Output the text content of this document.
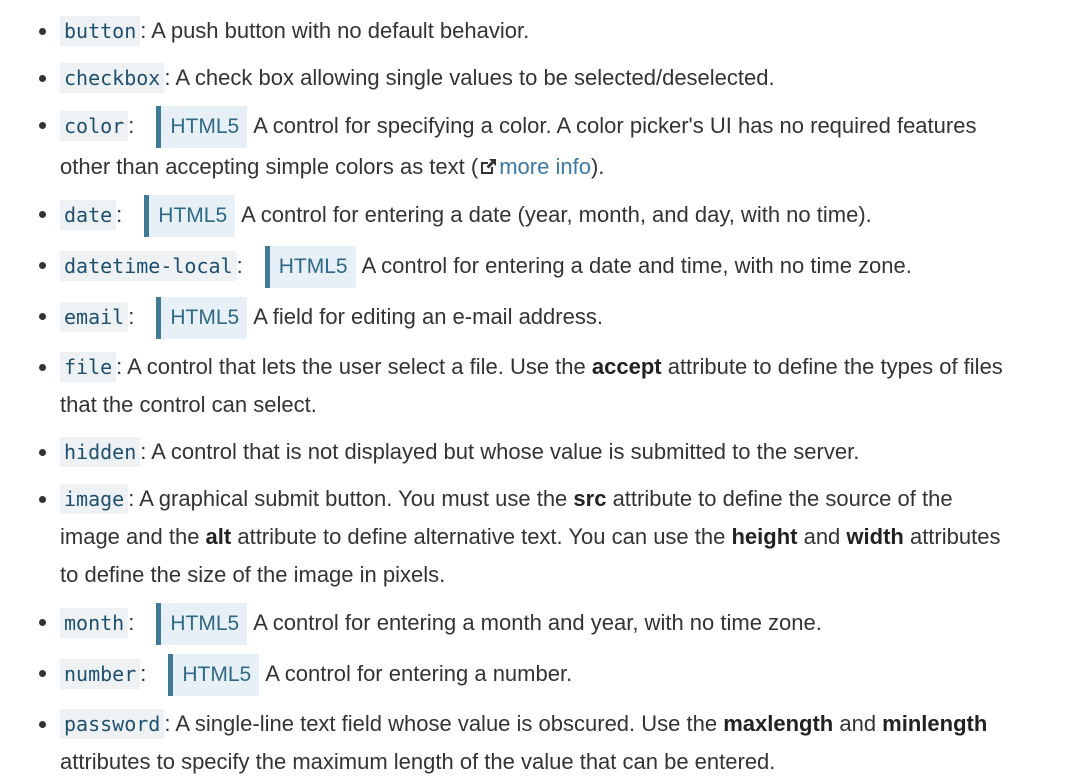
button : A push button with no default behavior.
checkbox : A check box allowing single values to be selected/deselected.
color : HTML5 A control for specifying a color. A color picker's UI has no required features other than accepting simple colors as text ( more info).
date : HTML5 A control for entering a date (year, month, and day, with no time).
datetime-local : HTML5 A control for entering a date and time, with no time zone.
email : HTML5 A field for editing an e-mail address.
file : A control that lets the user select a file. Use the accept attribute to define the types of files that the control can select.
hidden : A control that is not displayed but whose value is submitted to the server.
image : A graphical submit button. You must use the src attribute to define the source of the image and the alt attribute to define alternative text. You can use the height and width attributes to define the size of the image in pixels.
month : HTML5 A control for entering a month and year, with no time zone.
number : HTML5 A control for entering a number.
password : A single-line text field whose value is obscured. Use the maxlength and minlength attributes to specify the maximum length of the value that can be entered.
